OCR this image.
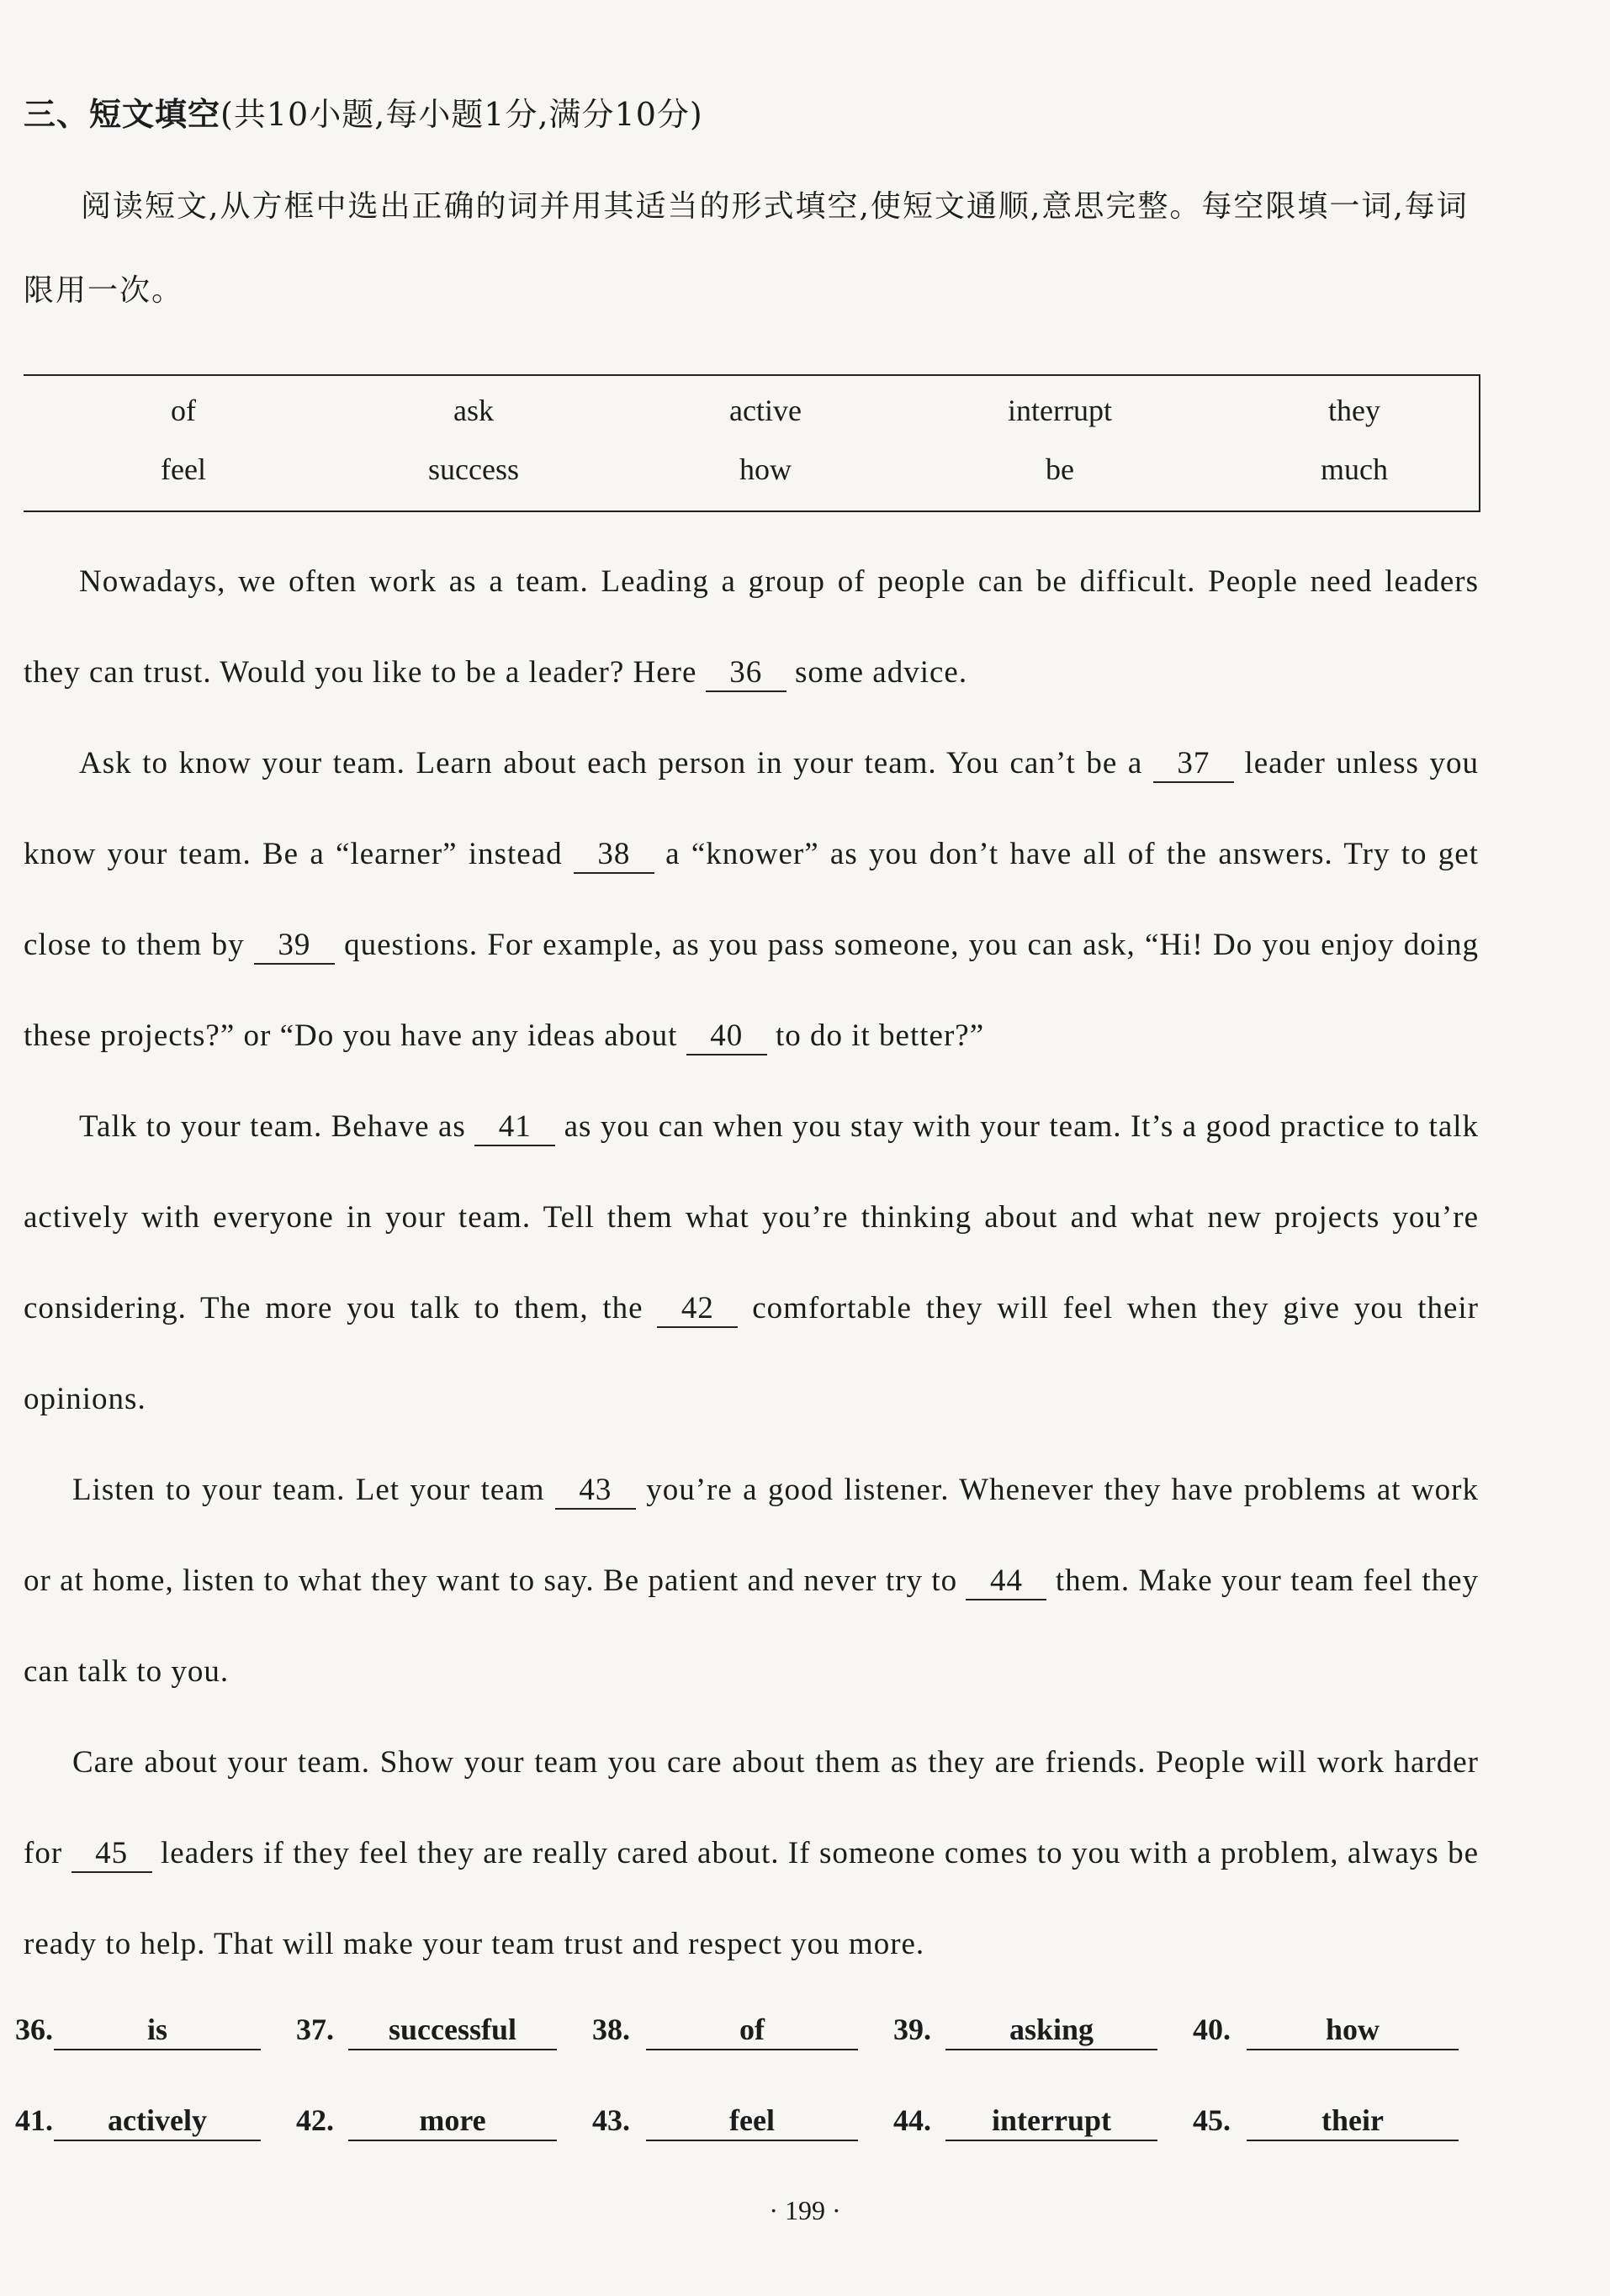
三、短文填空(共10小题,每小题1分,满分10分)
阅读短文,从方框中选出正确的词并用其适当的形式填空,使短文通顺,意思完整。每空限填一词,每词限用一次。
of	ask	active	interrupt	they
feel	success	how	be	much
Nowadays, we often work as a team. Leading a group of people can be difficult. People need leaders they can trust. Would you like to be a leader? Here 36 some advice.
Ask to know your team. Learn about each person in your team. You can’t be a 37 leader unless you know your team. Be a “learner” instead 38 a “knower” as you don’t have all of the answers. Try to get close to them by 39 questions. For example, as you pass someone, you can ask, “Hi! Do you enjoy doing these projects?” or “Do you have any ideas about 40 to do it better?”
Talk to your team. Behave as 41 as you can when you stay with your team. It’s a good practice to talk actively with everyone in your team. Tell them what you’re thinking about and what new projects you’re considering. The more you talk to them, the 42 comfortable they will feel when they give you their opinions.
Listen to your team. Let your team 43 you’re a good listener. Whenever they have problems at work or at home, listen to what they want to say. Be patient and never try to 44 them. Make your team feel they can talk to you.
Care about your team. Show your team you care about them as they are friends. People will work harder for 45 leaders if they feel they are really cared about. If someone comes to you with a problem, always be ready to help. That will make your team trust and respect you more.
36.	is	37.	successful	38.	of	39.	asking	40.	how
41.	actively	42.	more	43.	feel	44.	interrupt	45.	their
· 199 ·
